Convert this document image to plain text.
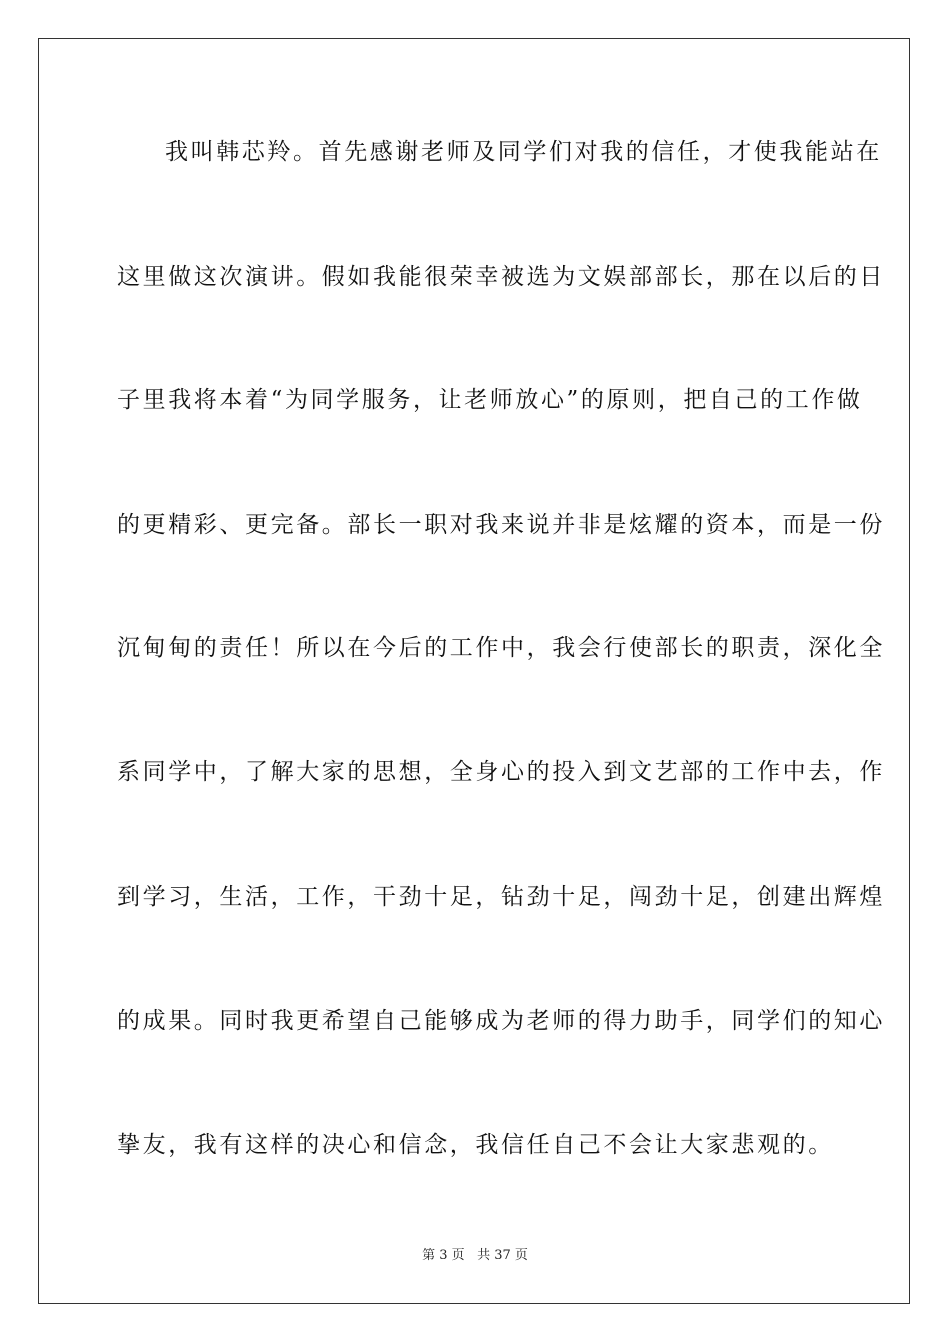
我叫韩芯羚。首先感谢老师及同学们对我的信任，才使我能站在
这里做这次演讲。假如我能很荣幸被选为文娱部部长，那在以后的日
子里我将本着“为同学服务，让老师放心”的原则，把自己的工作做
的更精彩、更完备。部长一职对我来说并非是炫耀的资本，而是一份
沉甸甸的责任！所以在今后的工作中，我会行使部长的职责，深化全
系同学中，了解大家的思想，全身心的投入到文艺部的工作中去，作
到学习，生活，工作，干劲十足，钻劲十足，闯劲十足，创建出辉煌
的成果。同时我更希望自己能够成为老师的得力助手，同学们的知心
挚友，我有这样的决心和信念，我信任自己不会让大家悲观的。
第 3 页 共 37 页
